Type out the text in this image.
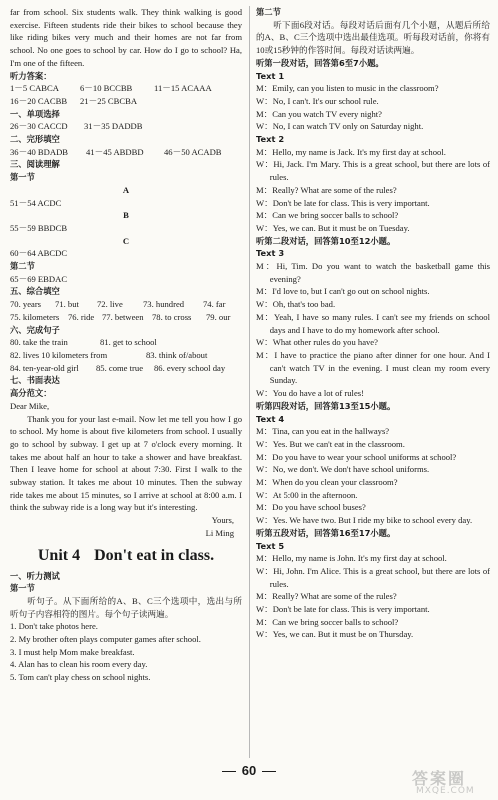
far from school. Six students walk. They think walking is good exercise. Fifteen students ride their bikes to school because they like riding bikes very much and their homes are not far from school. No one goes to school by car. How do I go to school? Ha, I'm one of the fifteen.

听力答案：

1－5 CABCA	6－10 BCCBB	11－15 ACAAA

16－20 CACBB	21－25 CBCBA

一、单项选择

26－30 CACCD	31－35 DADDB

二、完形填空

36－40 BDADB	41－45 ABDBD	46－50 ACADB

三、阅读理解

第一节

A

51－54 ACDC

B

55－59 BBDCB

C

60－64 ABCDC

第二节

65－69 EBDAC

五、综合填空

70. years	71. but	72. live	73. hundred	74. far

75. kilometers	76. ride 77. between 78. to cross	79. our

六、完成句子

80. take the train	81. get to school

82. lives 10 kilometers from	83. think of/about

84. ten-year-old girl	85. come true	86. every school day

七、书面表达

高分范文：

Dear Mike,

Thank you for your last e-mail. Now let me tell you how I go to school. My home is about five kilometers from school. I usually go to school by subway. I get up at 7 o'clock every morning. It takes me about half an hour to take a shower and have breakfast. Then I leave home for school at about 7:30. First I walk to the subway station. It takes me about 10 minutes. Then the subway ride takes me about 15 minutes, so I arrive at school at 8:00 a.m. I think the subway ride is a long way but it's interesting.

Yours,

Li Ming

Unit 4 Don't eat in class.

一、听力测试

第一节

听句子。从下面所给的A、B、C三个选项中，选出与所听句子内容相符的图片。每个句子读两遍。

1. Don't take photos here.

2. My brother often plays computer games after school.

3. I must help Mom make breakfast.

4. Alan has to clean his room every day.

5. Tom can't play chess on school nights.

第二节

听下面6段对话。每段对话后面有几个小题，从题后所给的A、B、C三个选项中选出最佳选项。听每段对话前，你将有10或15秒钟的作答时间。每段对话读两遍。

听第一段对话，回答第6至7小题。

Text 1

M：Emily, can you listen to music in the classroom?

W：No, I can't. It's our school rule.

M：Can you watch TV every night?

W：No, I can watch TV only on Saturday night.

Text 2

M：Hello, my name is Jack. It's my first day at school.

W：Hi, Jack. I'm Mary. This is a great school, but there are lots of rules.

M：Really? What are some of the rules?

W：Don't be late for class. This is very important.

M：Can we bring soccer balls to school?

W：Yes, we can. But it must be on Tuesday.

听第二段对话，回答第10至12小题。

Text 3

M：Hi, Tim. Do you want to watch the basketball game this evening?

M：I'd love to, but I can't go out on school nights.

W：Oh, that's too bad.

M：Yeah, I have so many rules. I can't see my friends on school days and I have to do my homework after school.

W：What other rules do you have?

M：I have to practice the piano after dinner for one hour. And I can't watch TV in the evening. I must clean my room every Sunday.

W：You do have a lot of rules!

听第四段对话，回答第13至15小题。

Text 4

M：Tina, can you eat in the hallways?

W：Yes. But we can't eat in the classroom.

M：Do you have to wear your school uniforms at school?

W：No, we don't. We don't have school uniforms.

M：When do you clean your classroom?

W：At 5:00 in the afternoon.

M：Do you have school buses?

W：Yes. We have two. But I ride my bike to school every day.

听第五段对话，回答第16至17小题。

Text 5

M：Hello, my name is John. It's my first day at school.

W：Hi, John. I'm Alice. This is a great school, but there are lots of rules.

M：Really? What are some of the rules?

W：Don't be late for class. This is very important.

M：Can we bring soccer balls to school?

W：Yes, we can. But it must be on Thursday.

60	答案圈
MXQE.COM
